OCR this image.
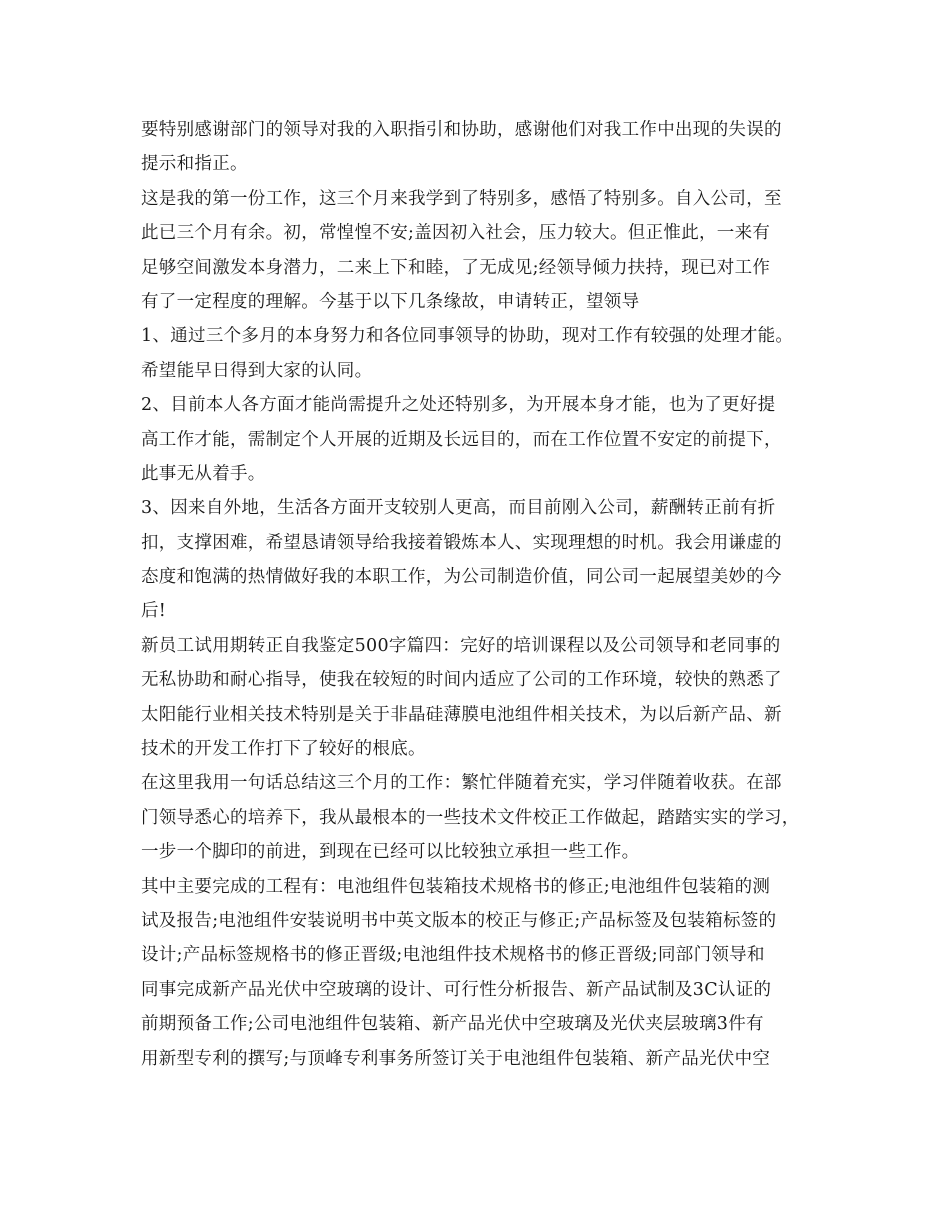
要特别感谢部门的领导对我的入职指引和协助，感谢他们对我工作中出现的失误的
提示和指正。
这是我的第一份工作，这三个月来我学到了特别多，感悟了特别多。自入公司，至
此已三个月有余。初，常惶惶不安;盖因初入社会，压力较大。但正惟此，一来有
足够空间激发本身潜力，二来上下和睦，了无成见;经领导倾力扶持，现已对工作
有了一定程度的理解。今基于以下几条缘故，申请转正，望领导
1、通过三个多月的本身努力和各位同事领导的协助，现对工作有较强的处理才能。
希望能早日得到大家的认同。
2、目前本人各方面才能尚需提升之处还特别多，为开展本身才能，也为了更好提
高工作才能，需制定个人开展的近期及长远目的，而在工作位置不安定的前提下，
此事无从着手。
3、因来自外地，生活各方面开支较别人更高，而目前刚入公司，薪酬转正前有折
扣，支撑困难，希望恳请领导给我接着锻炼本人、实现理想的时机。我会用谦虚的
态度和饱满的热情做好我的本职工作，为公司制造价值，同公司一起展望美妙的今
后!
新员工试用期转正自我鉴定500字篇四：完好的培训课程以及公司领导和老同事的
无私协助和耐心指导，使我在较短的时间内适应了公司的工作环境，较快的熟悉了
太阳能行业相关技术特别是关于非晶硅薄膜电池组件相关技术，为以后新产品、新
技术的开发工作打下了较好的根底。
在这里我用一句话总结这三个月的工作：繁忙伴随着充实，学习伴随着收获。在部
门领导悉心的培养下，我从最根本的一些技术文件校正工作做起，踏踏实实的学习，
一步一个脚印的前进，到现在已经可以比较独立承担一些工作。
其中主要完成的工程有：电池组件包装箱技术规格书的修正;电池组件包装箱的测
试及报告;电池组件安装说明书中英文版本的校正与修正;产品标签及包装箱标签的
设计;产品标签规格书的修正晋级;电池组件技术规格书的修正晋级;同部门领导和
同事完成新产品光伏中空玻璃的设计、可行性分析报告、新产品试制及3C认证的
前期预备工作;公司电池组件包装箱、新产品光伏中空玻璃及光伏夹层玻璃3件有
用新型专利的撰写;与顶峰专利事务所签订关于电池组件包装箱、新产品光伏中空
